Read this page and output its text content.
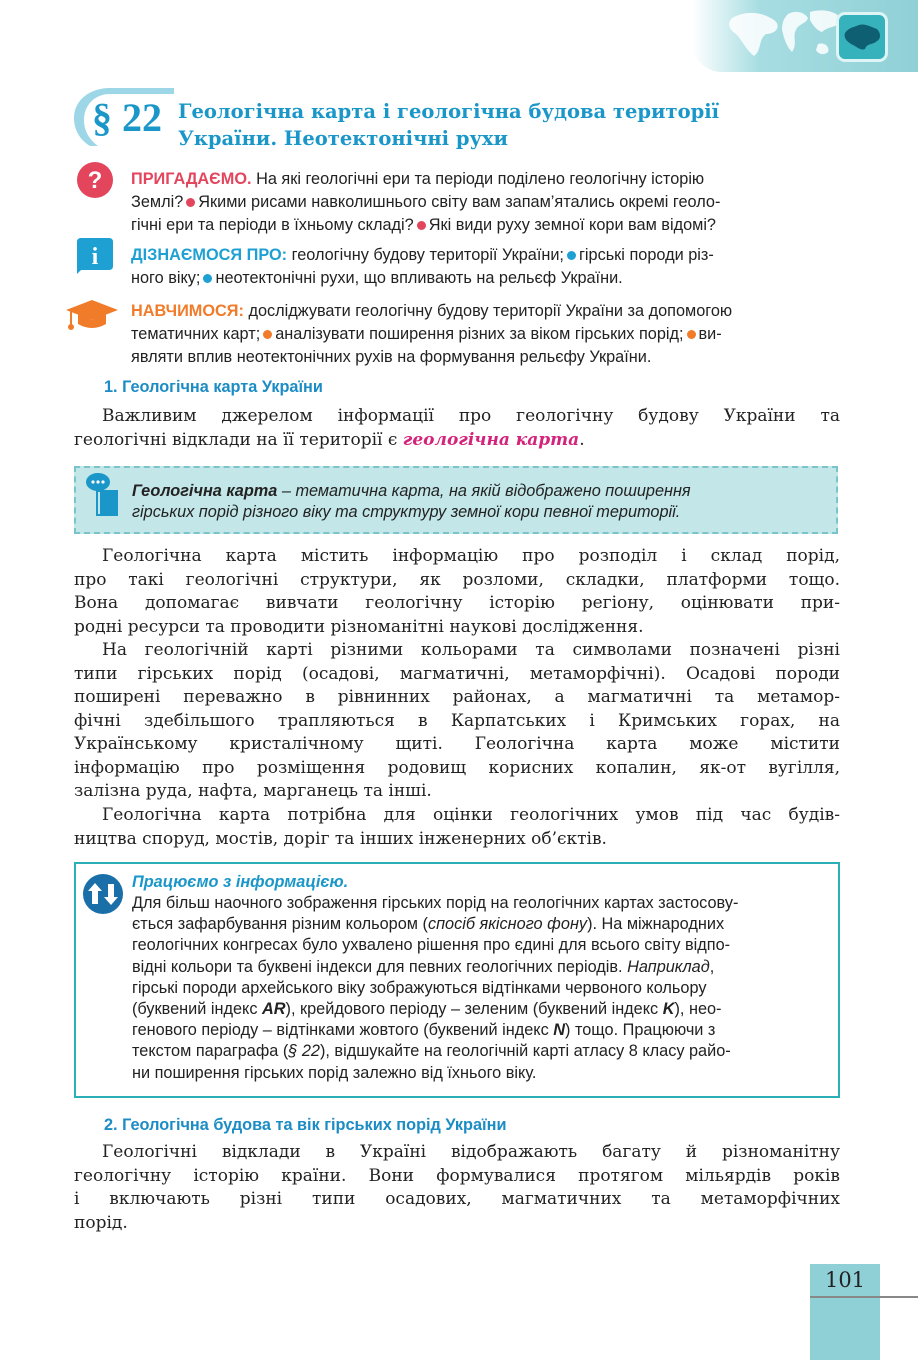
§ 22 Геологічна карта і геологічна будова території
України. Неотектонічні рухи
? ПРИГАДАЄМО. На які геологічні ери та періоди поділено геологічну історію
Землі? Якими рисами навколишнього світу вам запам’ятались окремі геоло-
гічні ери та періоди в їхньому складі? Які види руху земної кори вам відомі?
i ДІЗНАЄМОСЯ ПРО: геологічну будову території України; гірські породи різ-
ного віку; неотектонічні рухи, що впливають на рельєф України.
НАВЧИМОСЯ: досліджувати геологічну будову території України за допомогою
тематичних карт; аналізувати поширення різних за віком гірських порід; ви-
являти вплив неотектонічних рухів на формування рельєфу України.
1. Геологічна карта України
Важливим джерелом інформації про геологічну будову України та
геологічні відклади на її території є геологічна карта.
Геологічна карта – тематична карта, на якій відображено поширення
гірських порід різного віку та структуру земної кори певної території.
Геологічна карта містить інформацію про розподіл і склад порід,
про такі геологічні структури, як розломи, складки, платформи тощо.
Вона допомагає вивчати геологічну історію регіону, оцінювати при-
родні ресурси та проводити різноманітні наукові дослідження.
На геологічній карті різними кольорами та символами позначені різні
типи гірських порід (осадові, магматичні, метаморфічні). Осадові породи
поширені переважно в рівнинних районах, а магматичні та метамор-
фічні здебільшого трапляються в Карпатських і Кримських горах, на
Українському кристалічному щиті. Геологічна карта може містити
інформацію про розміщення родовищ корисних копалин, як-от вугілля,
залізна руда, нафта, марганець та інші.
Геологічна карта потрібна для оцінки геологічних умов під час будів-
ництва споруд, мостів, доріг та інших інженерних об’єктів.
Працюємо з інформацією.
Для більш наочного зображення гірських порід на геологічних картах застосову-
ється зафарбування різним кольором (спосіб якісного фону). На міжнародних
геологічних конгресах було ухвалено рішення про єдині для всього світу відпо-
відні кольори та буквені індекси для певних геологічних періодів. Наприклад,
гірські породи архейського віку зображуються відтінками червоного кольору
(буквений індекс AR), крейдового періоду – зеленим (буквений індекс K), нео-
генового періоду – відтінками жовтого (буквений індекс N) тощо. Працюючи з
текстом параграфа (§ 22), відшукайте на геологічній карті атласу 8 класу райо-
ни поширення гірських порід залежно від їхнього віку.
2. Геологічна будова та вік гірських порід України
Геологічні відклади в Україні відображають багату й різноманітну
геологічну історію країни. Вони формувалися протягом мільярдів років
і включають різні типи осадових, магматичних та метаморфічних
порід.
101
